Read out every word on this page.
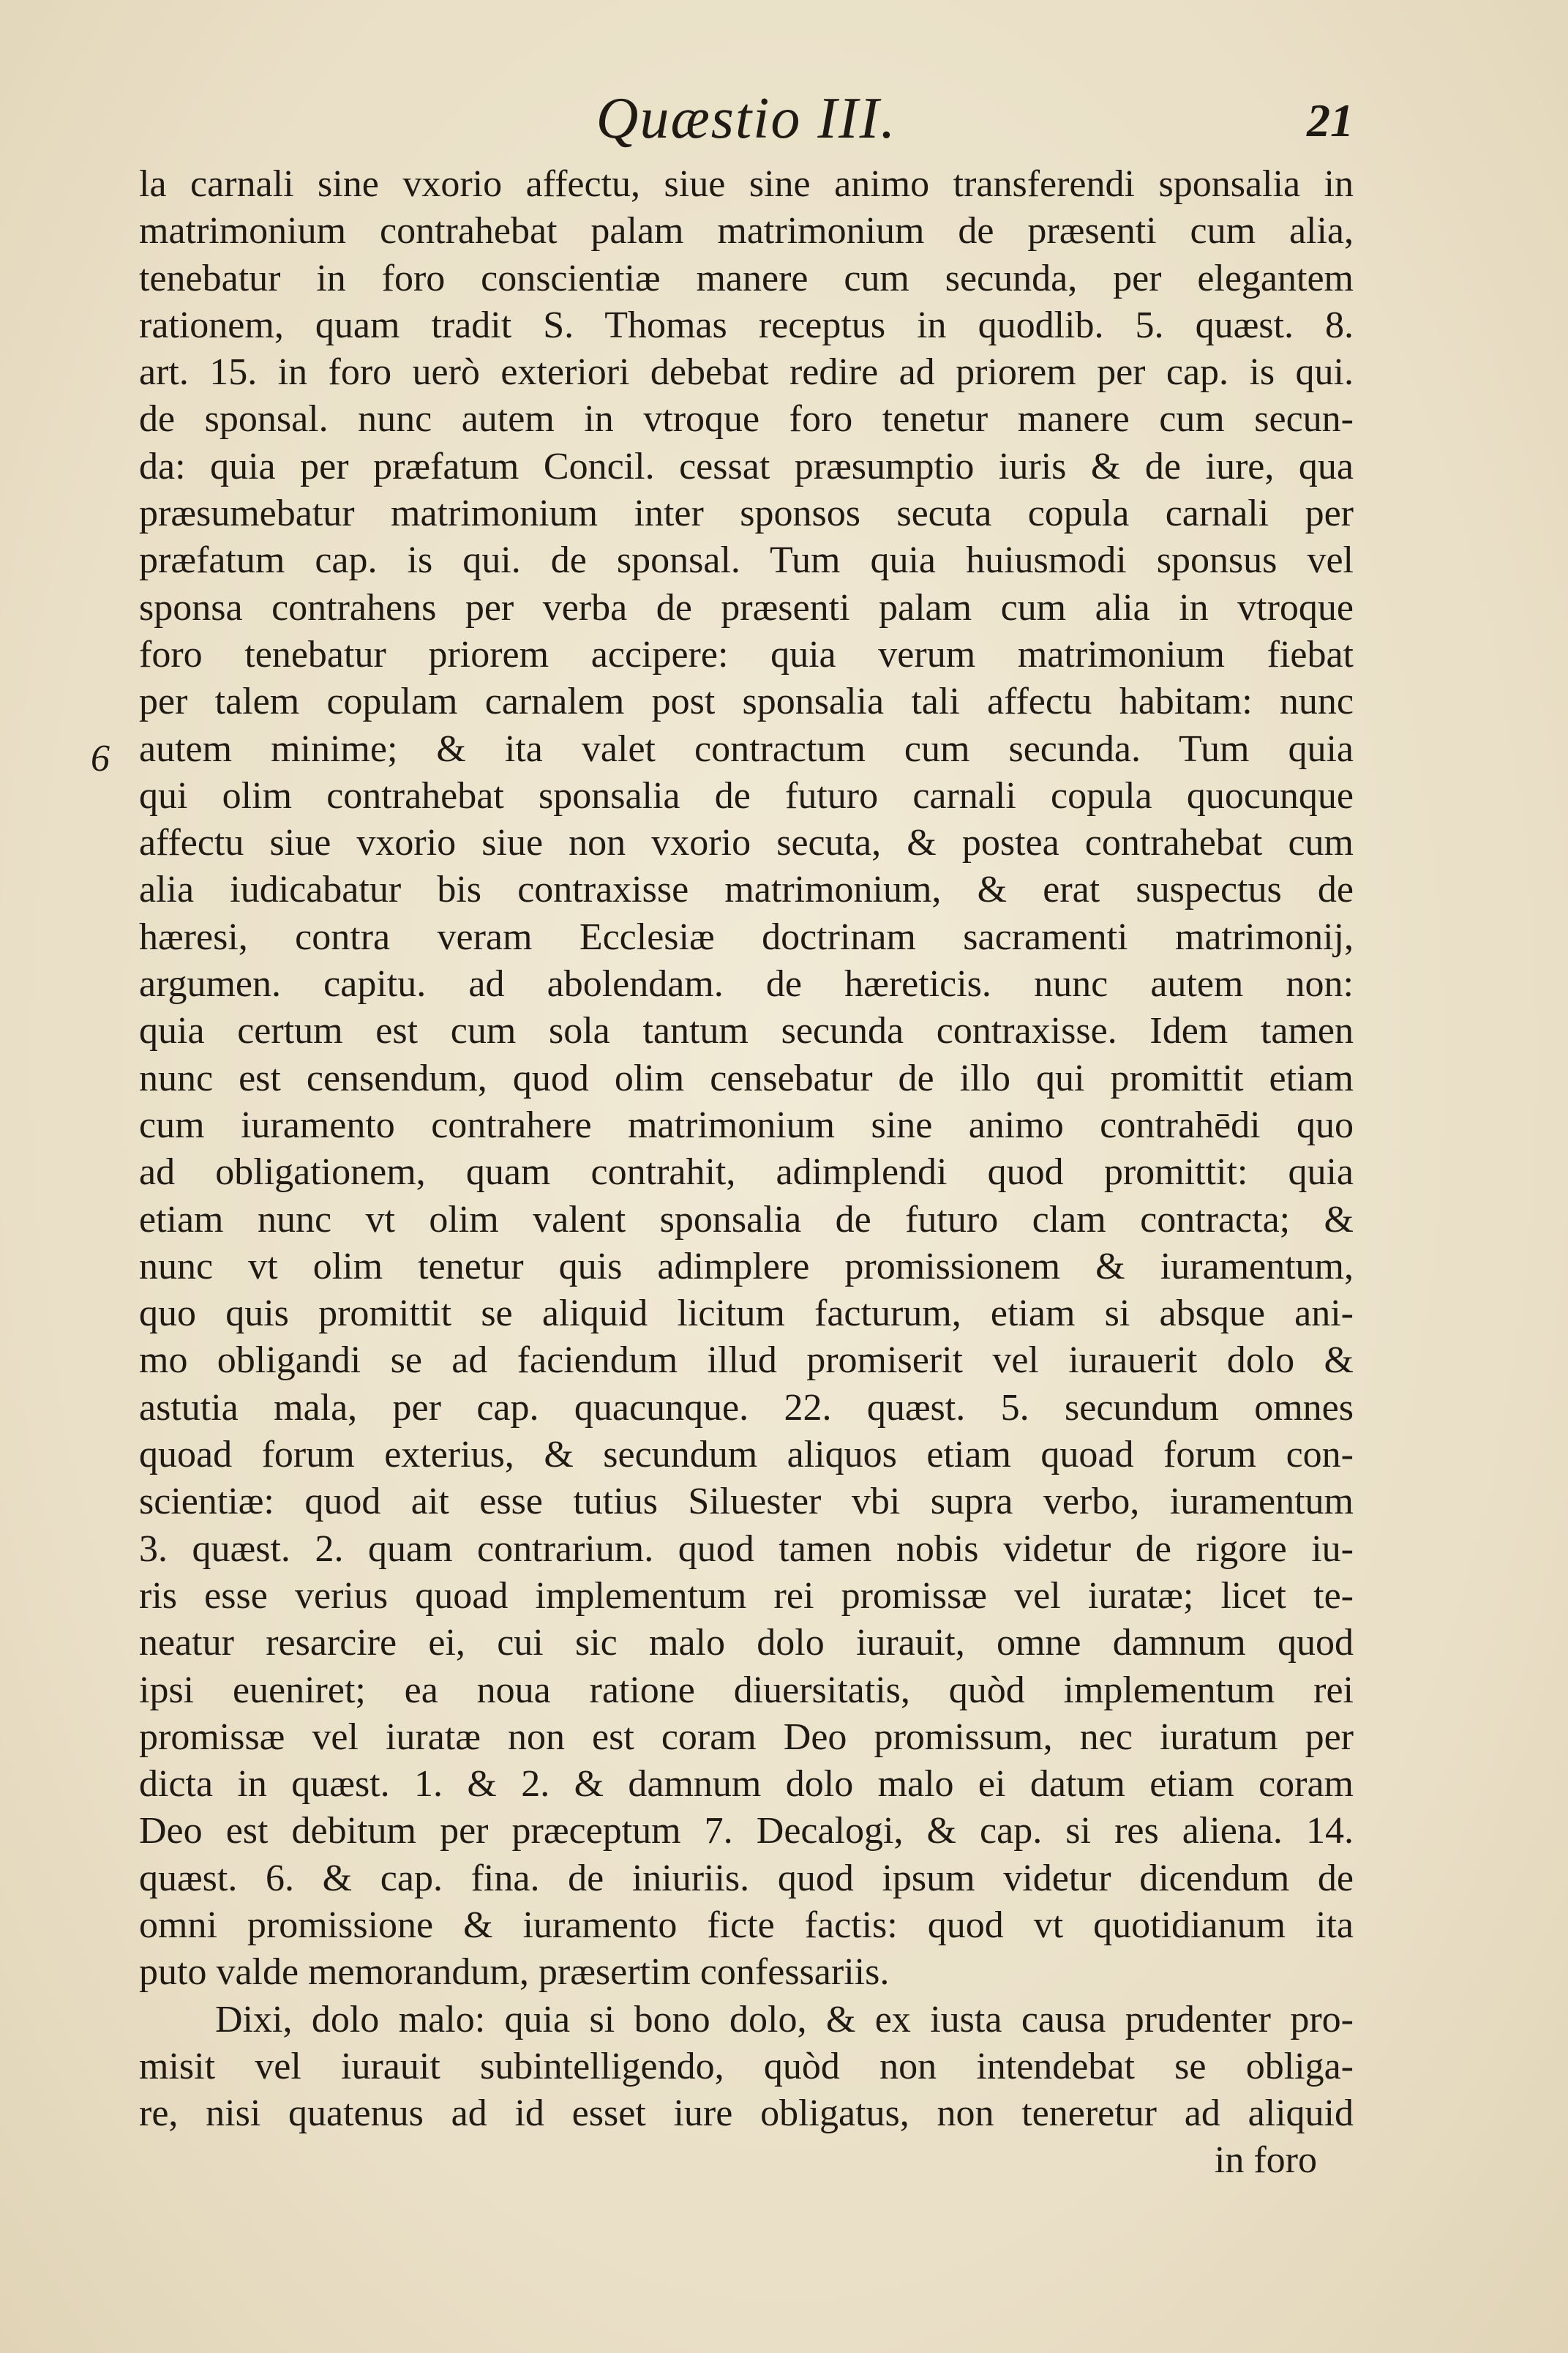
Quæstio III.	21
6
la carnali sine vxorio affectu, siue sine animo transferendi sponsalia in
matrimonium contrahebat palam matrimonium de præsenti cum alia,
tenebatur in foro conscientiæ manere cum secunda, per elegantem
rationem, quam tradit S. Thomas receptus in quodlib. 5. quæst. 8.
art. 15. in foro uerò exteriori debebat redire ad priorem per cap. is qui.
de sponsal. nunc autem in vtroque foro tenetur manere cum secun-
da: quia per præfatum Concil. cessat præsumptio iuris & de iure, qua
præsumebatur matrimonium inter sponsos secuta copula carnali per
præfatum cap. is qui. de sponsal. Tum quia huiusmodi sponsus vel
sponsa contrahens per verba de præsenti palam cum alia in vtroque
foro tenebatur priorem accipere: quia verum matrimonium fiebat
per talem copulam carnalem post sponsalia tali affectu habitam: nunc
autem minime; & ita valet contractum cum secunda. Tum quia
qui olim contrahebat sponsalia de futuro carnali copula quocunque
affectu siue vxorio siue non vxorio secuta, & postea contrahebat cum
alia iudicabatur bis contraxisse matrimonium, & erat suspectus de
hæresi, contra veram Ecclesiæ doctrinam sacramenti matrimonij,
argumen. capitu. ad abolendam. de hæreticis. nunc autem non:
quia certum est cum sola tantum secunda contraxisse. Idem tamen
nunc est censendum, quod olim censebatur de illo qui promittit etiam
cum iuramento contrahere matrimonium sine animo contrahēdi quo
ad obligationem, quam contrahit, adimplendi quod promittit: quia
etiam nunc vt olim valent sponsalia de futuro clam contracta; &
nunc vt olim tenetur quis adimplere promissionem & iuramentum,
quo quis promittit se aliquid licitum facturum, etiam si absque ani-
mo obligandi se ad faciendum illud promiserit vel iurauerit dolo &
astutia mala, per cap. quacunque. 22. quæst. 5. secundum omnes
quoad forum exterius, & secundum aliquos etiam quoad forum con-
scientiæ: quod ait esse tutius Siluester vbi supra verbo, iuramentum
3. quæst. 2. quam contrarium. quod tamen nobis videtur de rigore iu-
ris esse verius quoad implementum rei promissæ vel iuratæ; licet te-
neatur resarcire ei, cui sic malo dolo iurauit, omne damnum quod
ipsi eueniret; ea noua ratione diuersitatis, quòd implementum rei
promissæ vel iuratæ non est coram Deo promissum, nec iuratum per
dicta in quæst. 1. & 2. & damnum dolo malo ei datum etiam coram
Deo est debitum per præceptum 7. Decalogi, & cap. si res aliena. 14.
quæst. 6. & cap. fina. de iniuriis. quod ipsum videtur dicendum de
omni promissione & iuramento ficte factis: quod vt quotidianum ita
puto valde memorandum, præsertim confessariis.
Dixi, dolo malo: quia si bono dolo, & ex iusta causa prudenter pro-
misit vel iurauit subintelligendo, quòd non intendebat se obliga-
re, nisi quatenus ad id esset iure obligatus, non teneretur ad aliquid
in foro
